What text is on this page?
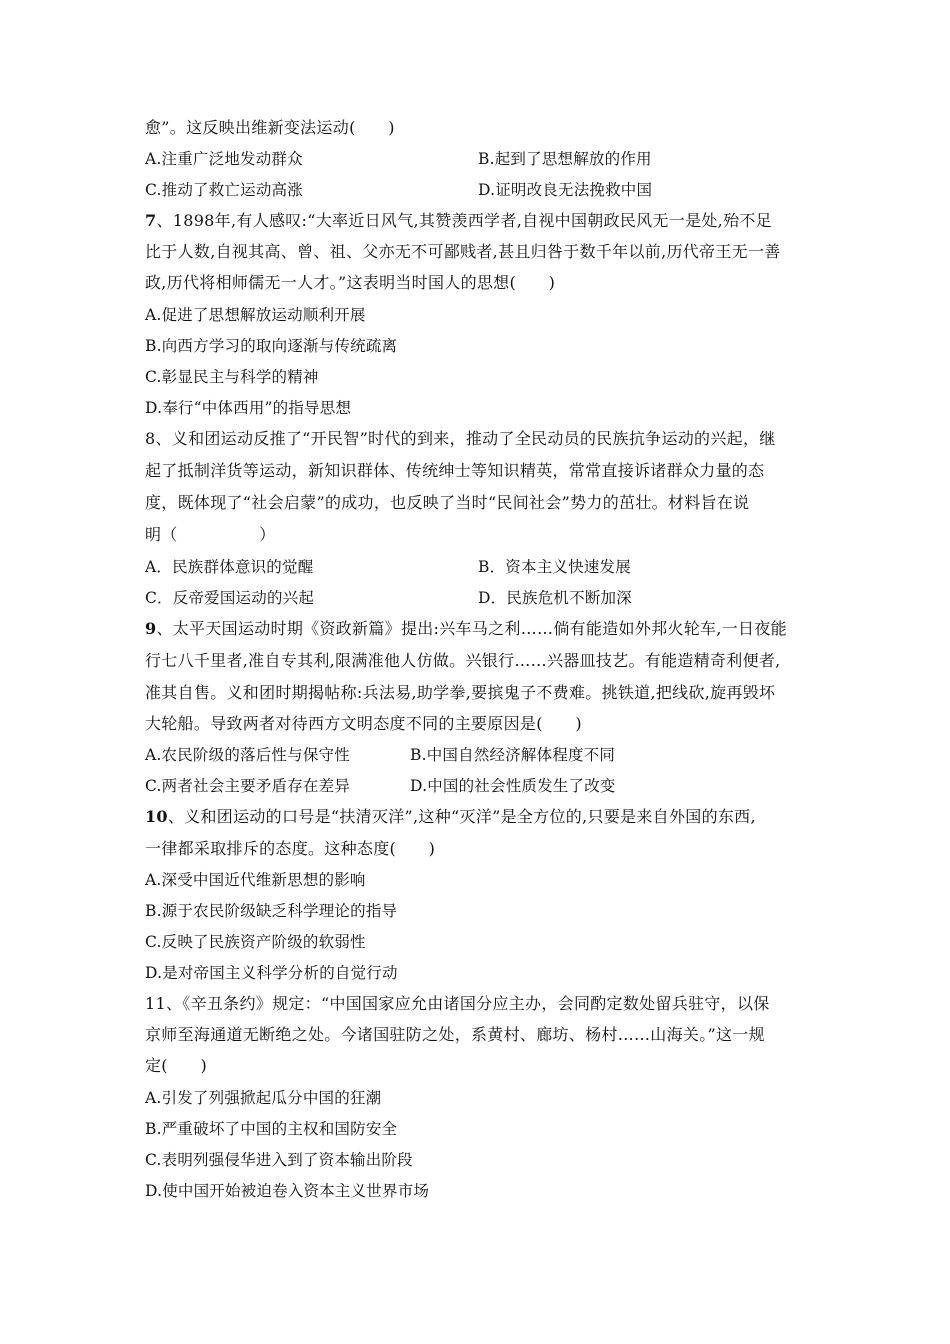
愈”。这反映出维新变法运动(　　)
A.注重广泛地发动群众	B.起到了思想解放的作用
C.推动了救亡运动高涨	D.证明改良无法挽救中国
7、1898年,有人感叹:“大率近日风气,其赞羡西学者,自视中国朝政民风无一是处,殆不足
比于人数,自视其高、曾、祖、父亦无不可鄙贱者,甚且归咎于数千年以前,历代帝王无一善
政,历代将相师儒无一人才。”这表明当时国人的思想(　　)
A.促进了思想解放运动顺利开展
B.向西方学习的取向逐渐与传统疏离
C.彰显民主与科学的精神
D.奉行“中体西用”的指导思想
8、义和团运动反推了“开民智”时代的到来，推动了全民动员的民族抗争运动的兴起，继
起了抵制洋货等运动，新知识群体、传统绅士等知识精英，常常直接诉诸群众力量的态
度，既体现了“社会启蒙”的成功，也反映了当时“民间社会”势力的茁壮。材料旨在说
明（　　　　　）
A．民族群体意识的觉醒	B．资本主义快速发展
C．反帝爱国运动的兴起	D．民族危机不断加深
9、太平天国运动时期《资政新篇》提出:兴车马之利……倘有能造如外邦火轮车,一日夜能
行七八千里者,准自专其利,限满准他人仿做。兴银行……兴器皿技艺。有能造精奇利便者,
准其自售。义和团时期揭帖称:兵法易,助学拳,要摈鬼子不费难。挑铁道,把线砍,旋再毁坏
大轮船。导致两者对待西方文明态度不同的主要原因是(　　)
A.农民阶级的落后性与保守性	B.中国自然经济解体程度不同
C.两者社会主要矛盾存在差异	D.中国的社会性质发生了改变
10、义和团运动的口号是“扶清灭洋”,这种“灭洋”是全方位的,只要是来自外国的东西,
一律都采取排斥的态度。这种态度(　　)
A.深受中国近代维新思想的影响
B.源于农民阶级缺乏科学理论的指导
C.反映了民族资产阶级的软弱性
D.是对帝国主义科学分析的自觉行动
11、《辛丑条约》规定：“中国国家应允由诸国分应主办，会同酌定数处留兵驻守，以保
京师至海通道无断绝之处。今诸国驻防之处，系黄村、廊坊、杨村……山海关。”这一规
定(　　)
A.引发了列强掀起瓜分中国的狂潮
B.严重破坏了中国的主权和国防安全
C.表明列强侵华进入到了资本输出阶段
D.使中国开始被迫卷入资本主义世界市场
